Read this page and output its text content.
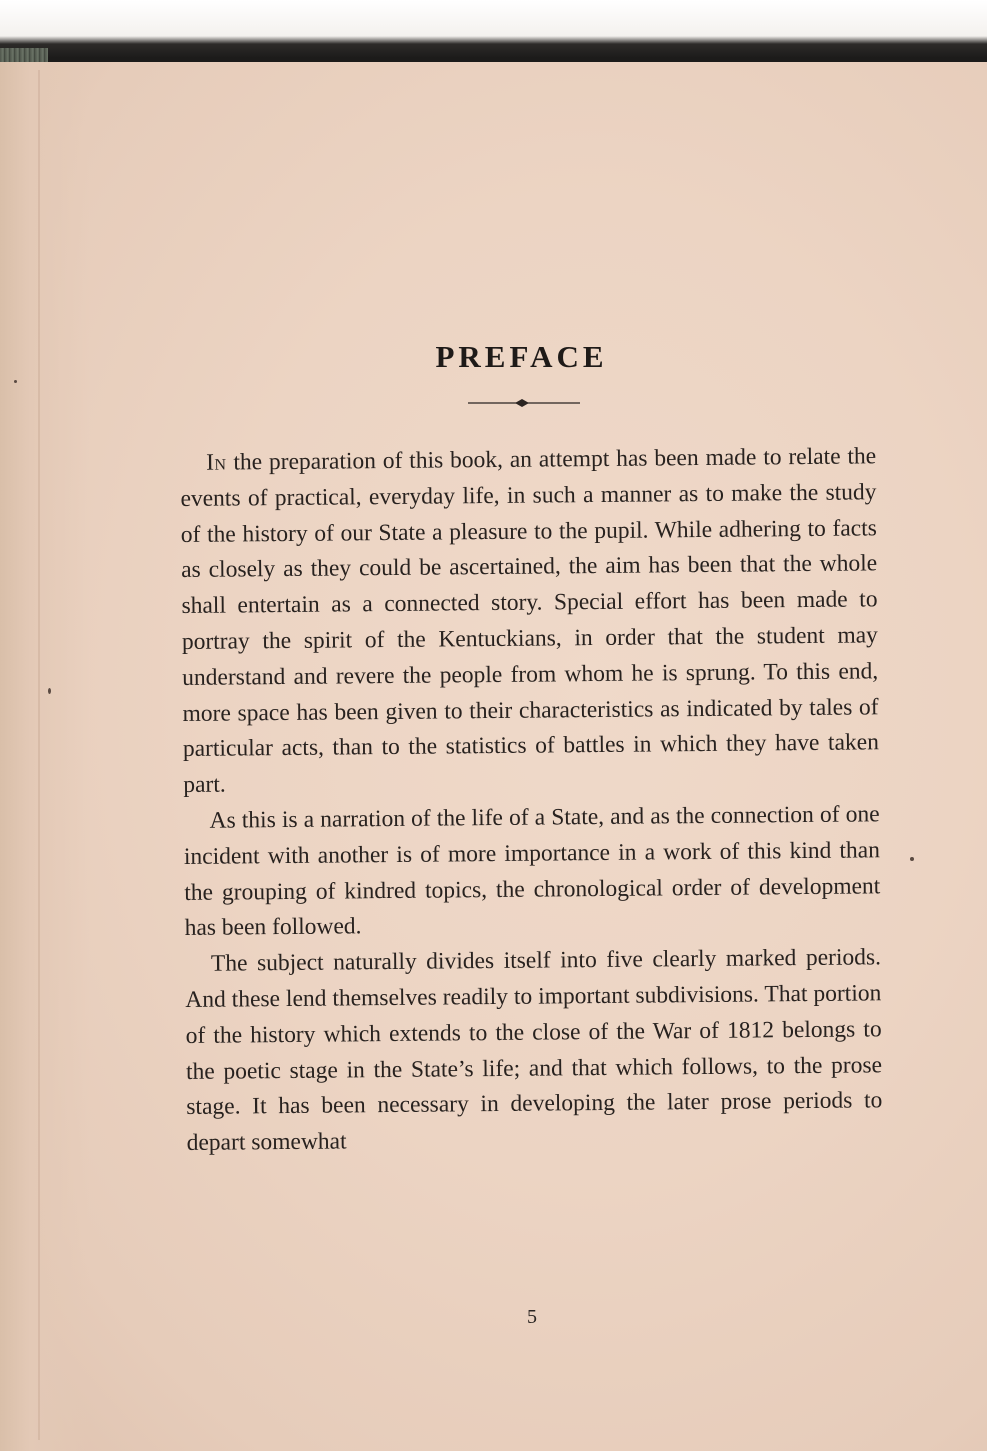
PREFACE

In the preparation of this book, an attempt has been made to relate the events of practical, everyday life, in such a manner as to make the study of the history of our State a pleasure to the pupil. While adhering to facts as closely as they could be ascertained, the aim has been that the whole shall entertain as a connected story. Special effort has been made to portray the spirit of the Kentuckians, in order that the student may understand and revere the people from whom he is sprung. To this end, more space has been given to their characteristics as indicated by tales of particular acts, than to the statistics of battles in which they have taken part.

As this is a narration of the life of a State, and as the connection of one incident with another is of more importance in a work of this kind than the grouping of kindred topics, the chronological order of development has been followed.

The subject naturally divides itself into five clearly marked periods. And these lend themselves readily to important subdivisions. That portion of the history which extends to the close of the War of 1812 belongs to the poetic stage in the State’s life; and that which follows, to the prose stage. It has been necessary in developing the later prose periods to depart somewhat

5
